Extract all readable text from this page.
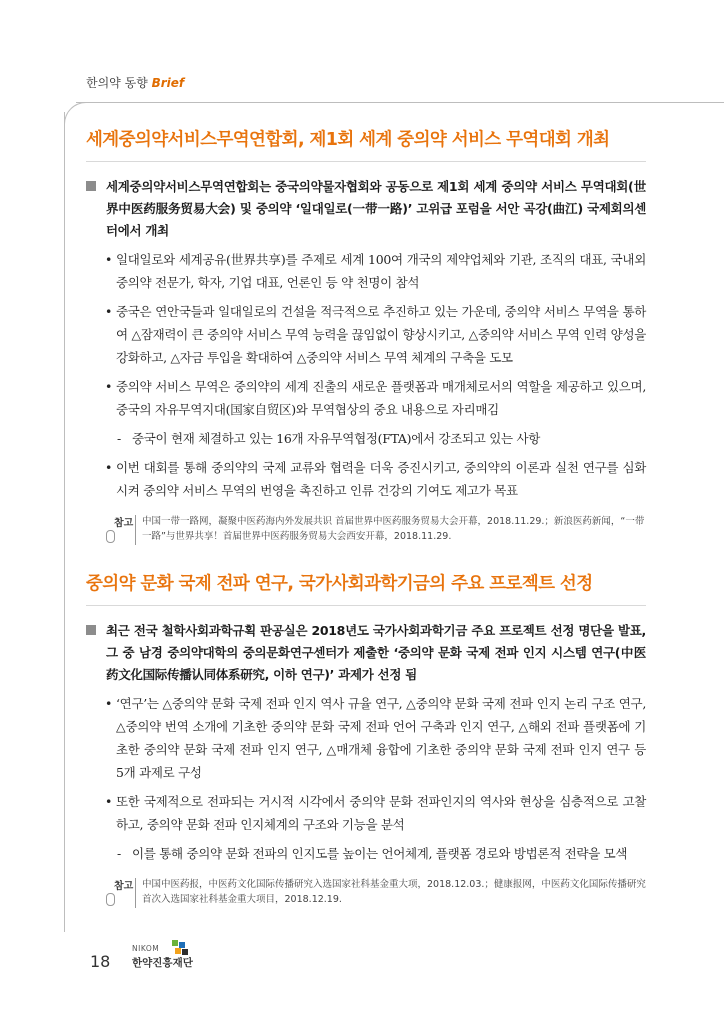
한의약 동향 Brief
세계중의약서비스무역연합회, 제1회 세계 중의약 서비스 무역대회 개최
세계중의약서비스무역연합회는 중국의약물자협회와 공동으로 제1회 세계 중의약 서비스 무역대회(世界中医药服务贸易大会) 및 중의약 ‘일대일로(一带一路)’ 고위급 포럼을 서안 곡강(曲江) 국제회의센터에서 개최
• 일대일로와 세계공유(世界共享)를 주제로 세계 100여 개국의 제약업체와 기관, 조직의 대표, 국내외 중의약 전문가, 학자, 기업 대표, 언론인 등 약 천명이 참석
• 중국은 연안국들과 일대일로의 건설을 적극적으로 추진하고 있는 가운데, 중의약 서비스 무역을 통하여 △잠재력이 큰 중의약 서비스 무역 능력을 끊임없이 향상시키고, △중의약 서비스 무역 인력 양성을 강화하고, △자금 투입을 확대하여 △중의약 서비스 무역 체계의 구축을 도모
• 중의약 서비스 무역은 중의약의 세계 진출의 새로운 플랫폼과 매개체로서의 역할을 제공하고 있으며, 중국의 자유무역지대(国家自贸区)와 무역협상의 중요 내용으로 자리매김
- 중국이 현재 체결하고 있는 16개 자유무역협정(FTA)에서 강조되고 있는 사항
• 이번 대회를 통해 중의약의 국제 교류와 협력을 더욱 증진시키고, 중의약의 이론과 실천 연구를 심화시켜 중의약 서비스 무역의 번영을 촉진하고 인류 건강의 기여도 제고가 목표
참고 中国一带一路网，凝聚中医药海内外发展共识 首届世界中医药服务贸易大会开幕，2018.11.29.；新浪医药新闻，“一带一路”与世界共享！首届世界中医药服务贸易大会西安开幕，2018.11.29.
중의약 문화 국제 전파 연구, 국가사회과학기금의 주요 프로젝트 선정
최근 전국 철학사회과학규획 판공실은 2018년도 국가사회과학기금 주요 프로젝트 선정 명단을 발표,그 중 남경 중의약대학의 중의문화연구센터가 제출한 ‘중의약 문화 국제 전파 인지 시스템 연구(中医药文化国际传播认同体系研究, 이하 연구)’ 과제가 선정 됨
• ‘연구’는 △중의약 문화 국제 전파 인지 역사 규율 연구, △중의약 문화 국제 전파 인지 논리 구조 연구, △중의약 번역 소개에 기초한 중의약 문화 국제 전파 언어 구축과 인지 연구, △해외 전파 플랫폼에 기초한 중의약 문화 국제 전파 인지 연구, △매개체 융합에 기초한 중의약 문화 국제 전파 인지 연구 등 5개 과제로 구성
• 또한 국제적으로 전파되는 거시적 시각에서 중의약 문화 전파인지의 역사와 현상을 심층적으로 고찰하고, 중의약 문화 전파 인지체계의 구조와 기능을 분석
- 이를 통해 중의약 문화 전파의 인지도를 높이는 언어체계, 플랫폼 경로와 방법론적 전략을 모색
참고 中国中医药报，中医药文化国际传播研究入选国家社科基金重大项，2018.12.03.；健康报网，中医药文化国际传播研究首次入选国家社科基金重大项目，2018.12.19.
18
NIKOM
한약진흥재단
